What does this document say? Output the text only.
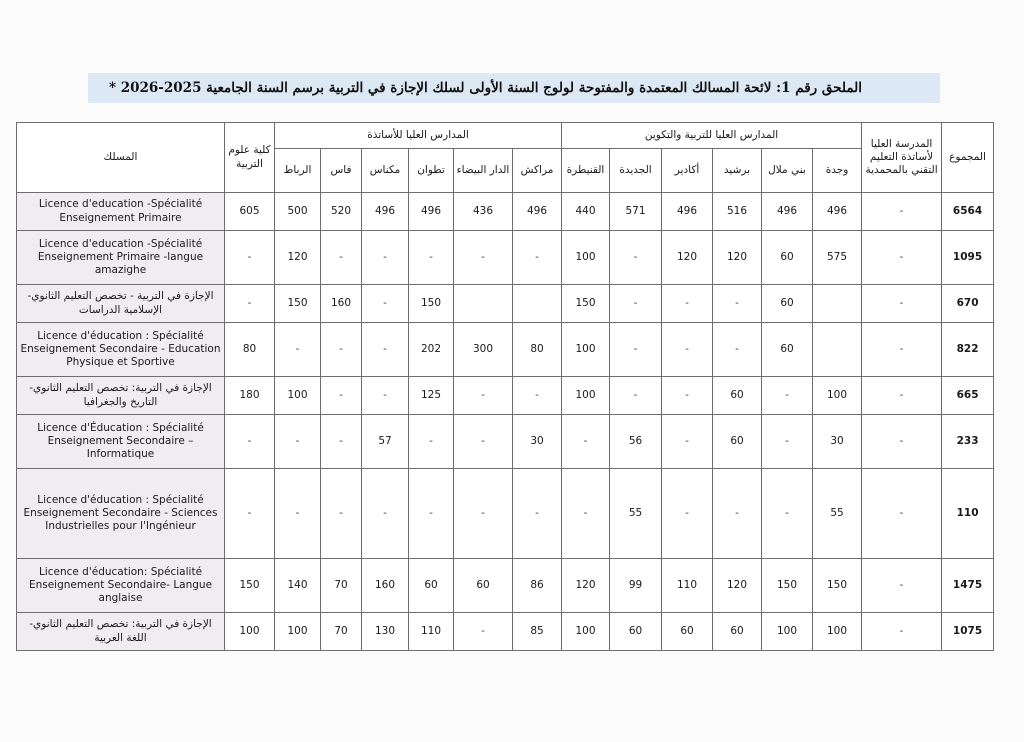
الملحق رقم 1: لائحة المسالك المعتمدة والمفتوحة لولوج السنة الأولى لسلك الإجازة في التربية برسم السنة الجامعية 2025-2026 *
المسلك	كلية علوم التربية	المدارس العليا للأساتذة						المدارس العليا للتربية والتكوين						المدرسة العليا لأساتذة التعليم التقني بالمحمدية	المجموع
		الرباط	فاس	مكناس	تطوان	الدار البيضاء	مراكش	القنيطرة	الجديدة	أكادير	برشيد	بني ملال	وجدة		
Licence d'education -Spécialité Enseignement Primaire	605	500	520	496	496	436	496	440	571	496	516	496	496	-	6564
Licence d'education -Spécialité Enseignement Primaire -langue amazighe	-	120	-	-	-	-	-	100	-	120	120	60	575	-	1095
الإجازة في التربية - تخصص التعليم الثانوي- الإسلامية الدراسات	-	150	160	-	150			150	-	-	-	60		-	670
Licence d'éducation : Spécialité Enseignement Secondaire - Education Physique et Sportive	80	-	-	-	202	300	80	100	-	-	-	60		-	822
الإجازة في التربية: تخصص التعليم الثانوي- التاريخ والجغرافيا	180	100	-	-	125	-	-	100	-	-	60	-	100	-	665
Licence d'Éducation : Spécialité Enseignement Secondaire – Informatique	-	-	-	57	-	-	30	-	56	-	60	-	30	-	233
Licence d'éducation : Spécialité Enseignement Secondaire - Sciences Industrielles pour l'Ingénieur	-	-	-	-	-	-	-	-	55	-	-	-	55	-	110
Licence d'éducation: Spécialité Enseignement Secondaire- Langue anglaise	150	140	70	160	60	60	86	120	99	110	120	150	150	-	1475
الإجازة في التربية: تخصص التعليم الثانوي- اللغة العربية	100	100	70	130	110	-	85	100	60	60	60	100	100	-	1075
